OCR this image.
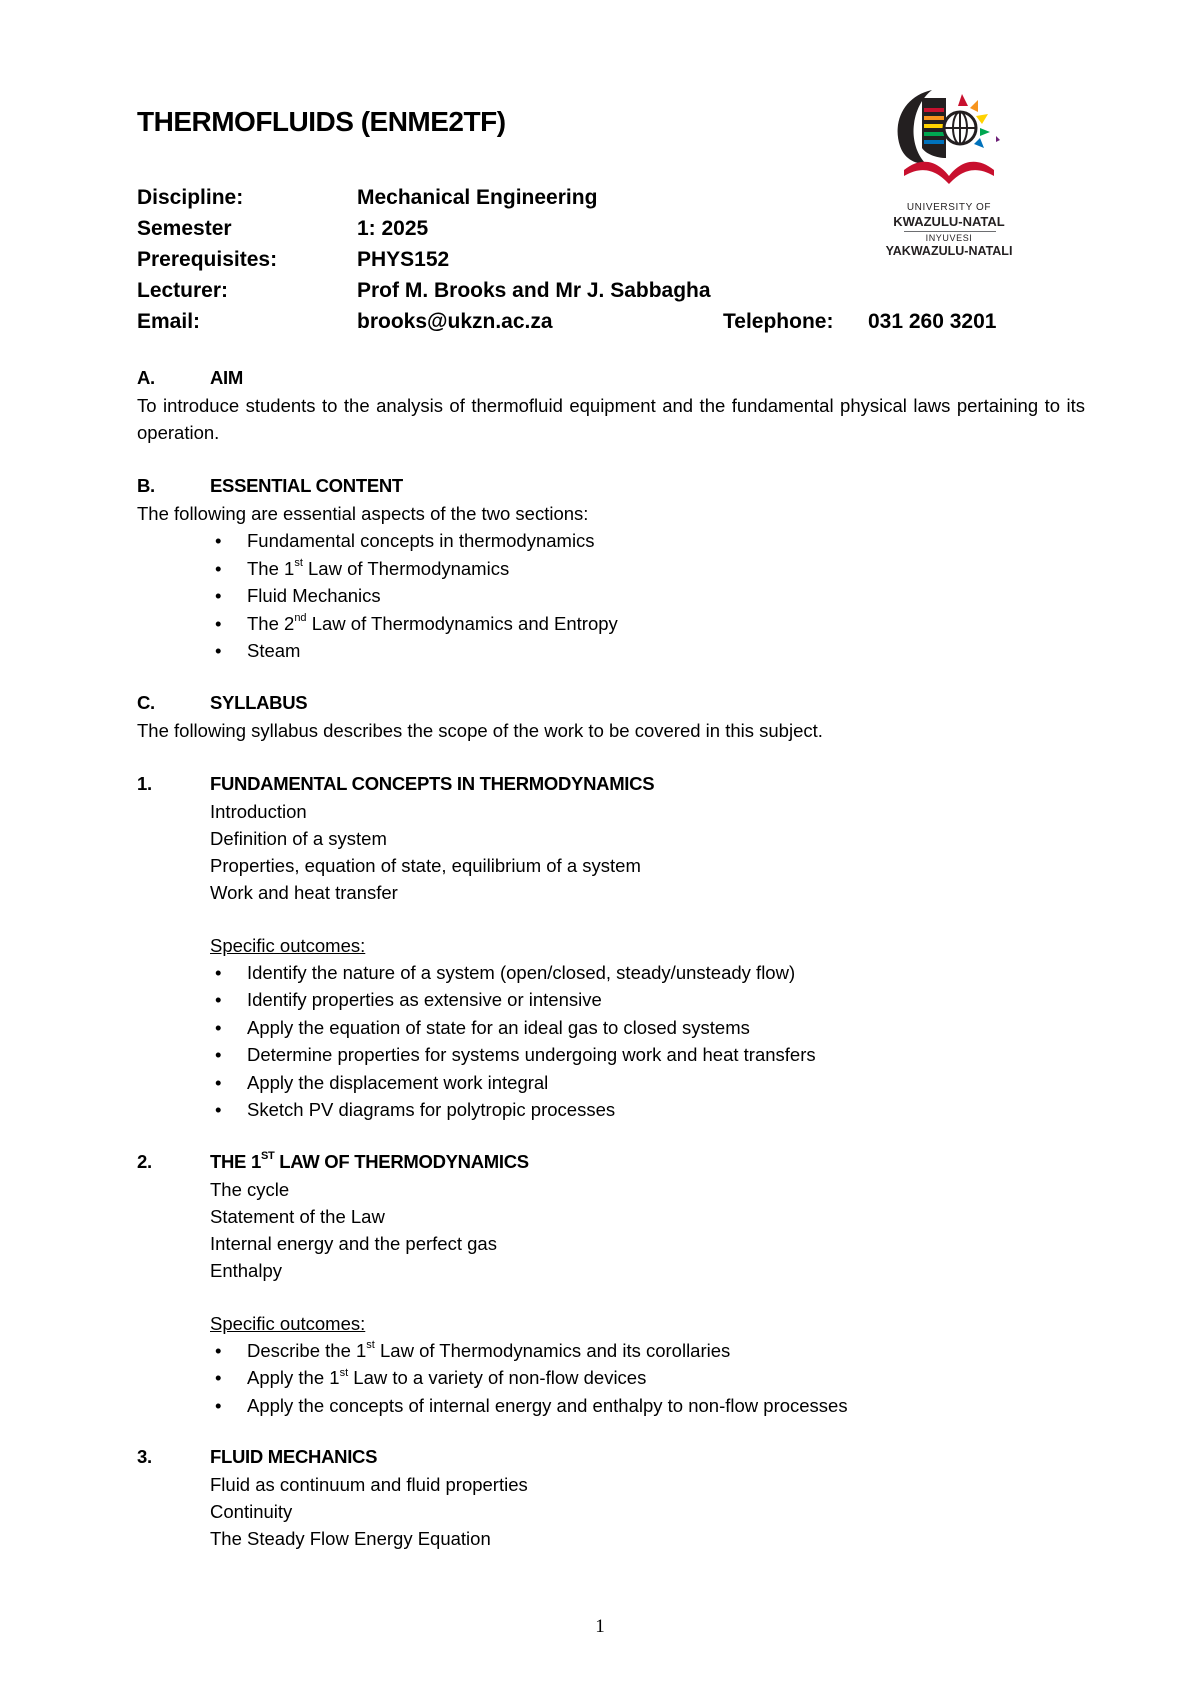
THERMOFLUIDS (ENME2TF)
Discipline:	Mechanical Engineering
Semester	1: 2025
Prerequisites:	PHYS152
Lecturer:	Prof M. Brooks and Mr J. Sabbagha
Email:	brooks@ukzn.ac.za	Telephone: 031 260 3201
UNIVERSITY OF
KWAZULU-NATAL
INYUVESI
YAKWAZULU-NATALI
A.	AIM

To introduce students to the analysis of thermofluid equipment and the fundamental physical laws pertaining to its operation.

B.	ESSENTIAL CONTENT

The following are essential aspects of the two sections:

• Fundamental concepts in thermodynamics
• The 1st Law of Thermodynamics
• Fluid Mechanics
• The 2nd Law of Thermodynamics and Entropy
• Steam
C.	SYLLABUS

The following syllabus describes the scope of the work to be covered in this subject.

1.	FUNDAMENTAL CONCEPTS IN THERMODYNAMICS
Introduction
Definition of a system
Properties, equation of state, equilibrium of a system
Work and heat transfer
Specific outcomes:
• Identify the nature of a system (open/closed, steady/unsteady flow)
• Identify properties as extensive or intensive
• Apply the equation of state for an ideal gas to closed systems
• Determine properties for systems undergoing work and heat transfers
• Apply the displacement work integral
• Sketch PV diagrams for polytropic processes
2.	THE 1ST LAW OF THERMODYNAMICS
The cycle
Statement of the Law
Internal energy and the perfect gas
Enthalpy
Specific outcomes:
• Describe the 1st Law of Thermodynamics and its corollaries
• Apply the 1st Law to a variety of non-flow devices
• Apply the concepts of internal energy and enthalpy to non-flow processes
3.	FLUID MECHANICS
Fluid as continuum and fluid properties
Continuity
The Steady Flow Energy Equation
1
